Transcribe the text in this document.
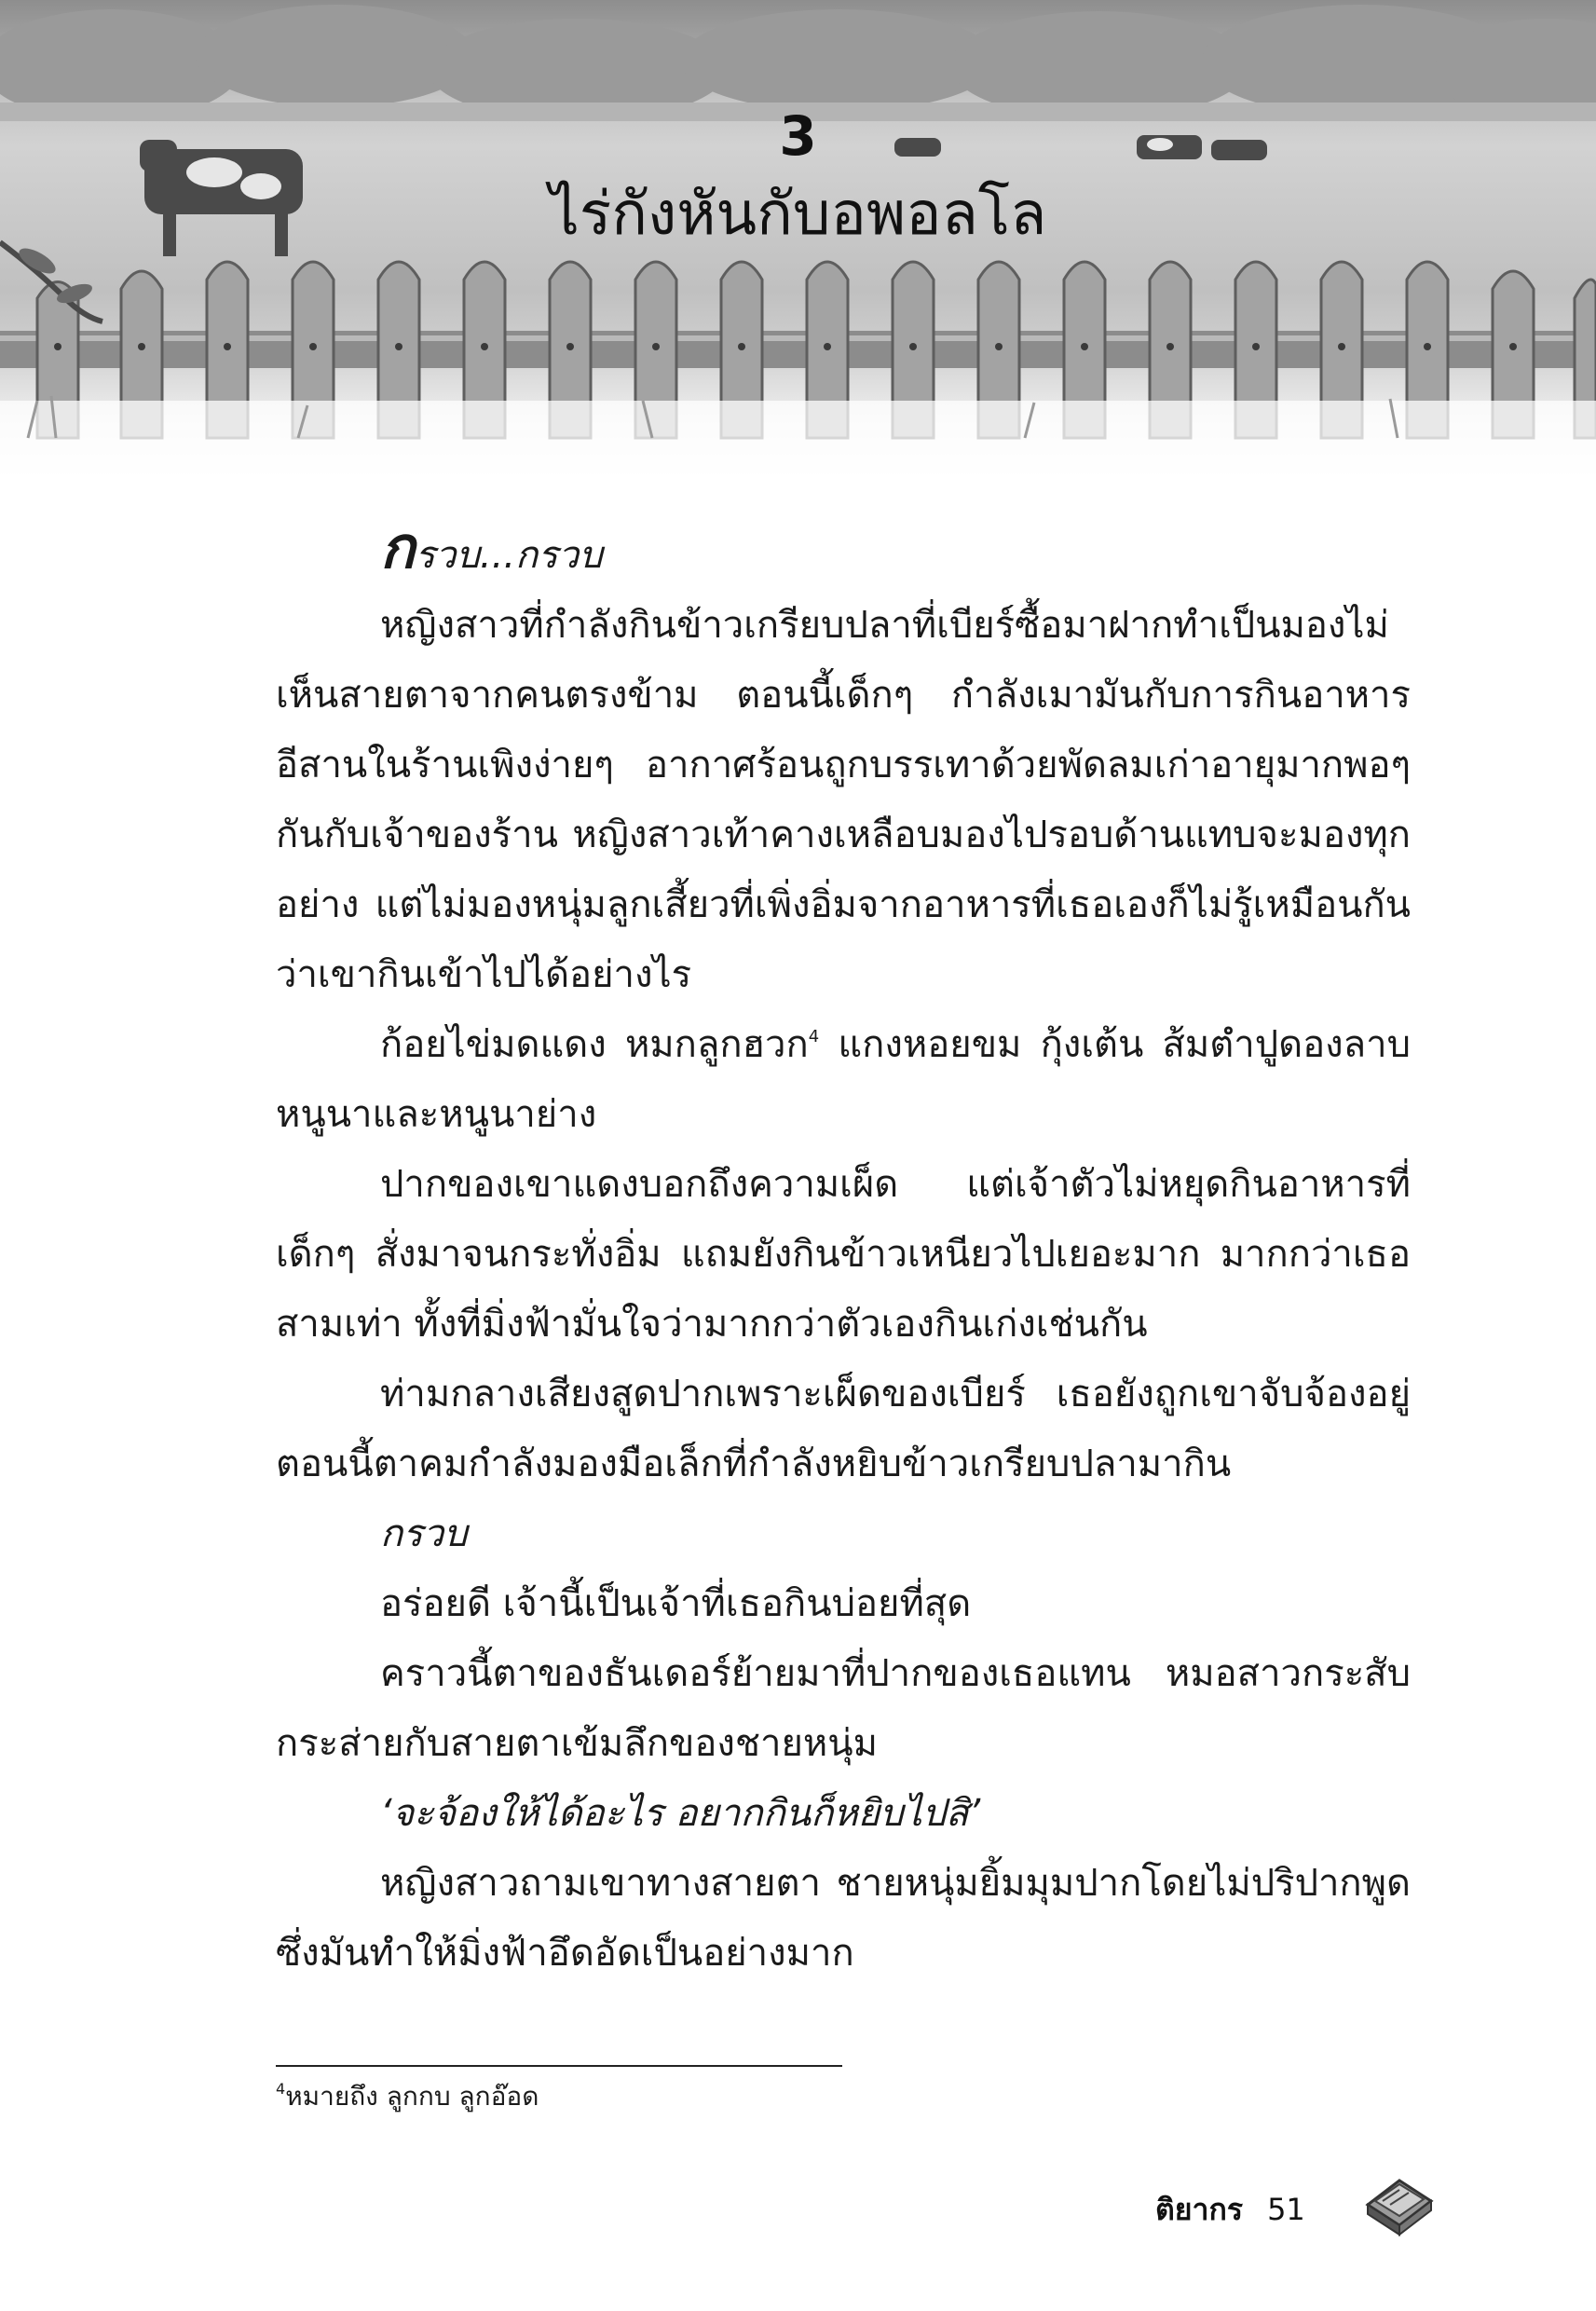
3
ไร่กังหันกับอพอลโล

กรวบ...กรวบ

หญิงสาวที่กำลังกินข้าวเกรียบปลาที่เบียร์ซื้อมาฝากทำเป็นมองไม่เห็นสายตาจากคนตรงข้าม ตอนนี้เด็กๆ กำลังเมามันกับการกินอาหารอีสานในร้านเพิงง่ายๆ อากาศร้อนถูกบรรเทาด้วยพัดลมเก่าอายุมากพอๆ กันกับเจ้าของร้าน หญิงสาวเท้าคางเหลือบมองไปรอบด้านแทบจะมองทุกอย่าง แต่ไม่มองหนุ่มลูกเสี้ยวที่เพิ่งอิ่มจากอาหารที่เธอเองก็ไม่รู้เหมือนกันว่าเขากินเข้าไปได้อย่างไร

ก้อยไข่มดแดง หมกลูกฮวก$^4$ แกงหอยขม กุ้งเต้น ส้มตำปูดองลาบหนูนาและหนูนาย่าง

ปากของเขาแดงบอกถึงความเผ็ด แต่เจ้าตัวไม่หยุดกินอาหารที่เด็กๆ สั่งมาจนกระทั่งอิ่ม แถมยังกินข้าวเหนียวไปเยอะมาก มากกว่าเธอสามเท่า ทั้งที่มิ่งฟ้ามั่นใจว่ามากกว่าตัวเองกินเก่งเช่นกัน

ท่ามกลางเสียงสูดปากเพราะเผ็ดของเบียร์ เธอยังถูกเขาจับจ้องอยู่ ตอนนี้ตาคมกำลังมองมือเล็กที่กำลังหยิบข้าวเกรียบปลามากิน

กรวบ

อร่อยดี เจ้านี้เป็นเจ้าที่เธอกินบ่อยที่สุด

คราวนี้ตาของธันเดอร์ย้ายมาที่ปากของเธอแทน หมอสาวกระสับกระส่ายกับสายตาเข้มลึกของชายหนุ่ม

‘จะจ้องให้ได้อะไร อยากกินก็หยิบไปสิ’

หญิงสาวถามเขาทางสายตา ชายหนุ่มยิ้มมุมปากโดยไม่ปริปากพูด ซึ่งมันทำให้มิ่งฟ้าอึดอัดเป็นอย่างมาก

$^4$หมายถึง ลูกกบ ลูกอ๊อด
ติยากร 51
